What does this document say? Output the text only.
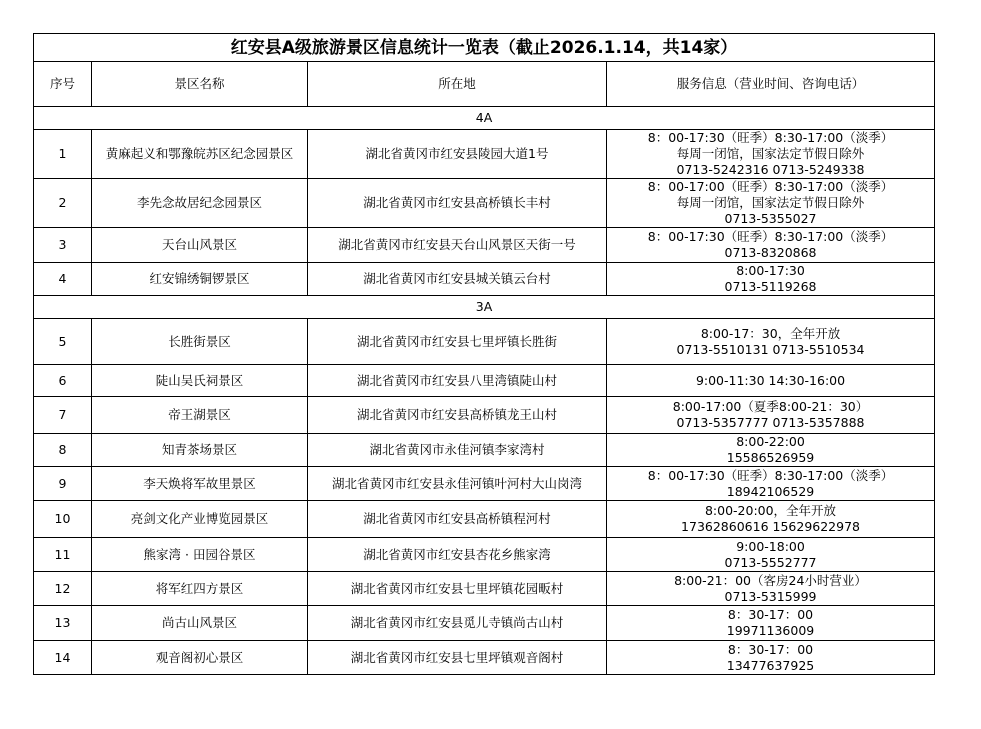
红安县A级旅游景区信息统计一览表（截止2026.1.14，共14家）			
序号	景区名称	所在地	服务信息（营业时间、咨询电话）
4A			
1	黄麻起义和鄂豫皖苏区纪念园景区	湖北省黄冈市红安县陵园大道1号	8：00-17:30（旺季）8:30-17:00（淡季）
每周一闭馆，国家法定节假日除外
0713-5242316 0713-5249338

2	李先念故居纪念园景区	湖北省黄冈市红安县高桥镇长丰村	8：00-17:00（旺季）8:30-17:00（淡季）
每周一闭馆，国家法定节假日除外
0713-5355027

3	天台山风景区	湖北省黄冈市红安县天台山风景区天街一号	8：00-17:30（旺季）8:30-17:00（淡季）
0713-8320868

4	红安锦绣铜锣景区	湖北省黄冈市红安县城关镇云台村	8:00-17:30
0713-5119268

3A			
5	长胜街景区	湖北省黄冈市红安县七里坪镇长胜街	8:00-17：30，全年开放
0713-5510131 0713-5510534

6	陡山吴氏祠景区	湖北省黄冈市红安县八里湾镇陡山村	9:00-11:30 14:30-16:00

7	帝王湖景区	湖北省黄冈市红安县高桥镇龙王山村	8:00-17:00（夏季8:00-21：30）
0713-5357777 0713-5357888

8	知青茶场景区	湖北省黄冈市永佳河镇李家湾村	8:00-22:00
15586526959

9	李天焕将军故里景区	湖北省黄冈市红安县永佳河镇叶河村大山岗湾	8：00-17:30（旺季）8:30-17:00（淡季）
18942106529

10	亮剑文化产业博览园景区	湖北省黄冈市红安县高桥镇程河村	8:00-20:00，全年开放
17362860616 15629622978

11	熊家湾 · 田园谷景区	湖北省黄冈市红安县杏花乡熊家湾	9:00-18:00
0713-5552777

12	将军红四方景区	湖北省黄冈市红安县七里坪镇花园畈村	8:00-21：00（客房24小时营业）
0713-5315999

13	尚古山风景区	湖北省黄冈市红安县觅儿寺镇尚古山村	8：30-17：00
19971136009

14	观音阁初心景区	湖北省黄冈市红安县七里坪镇观音阁村	8：30-17：00
13477637925
